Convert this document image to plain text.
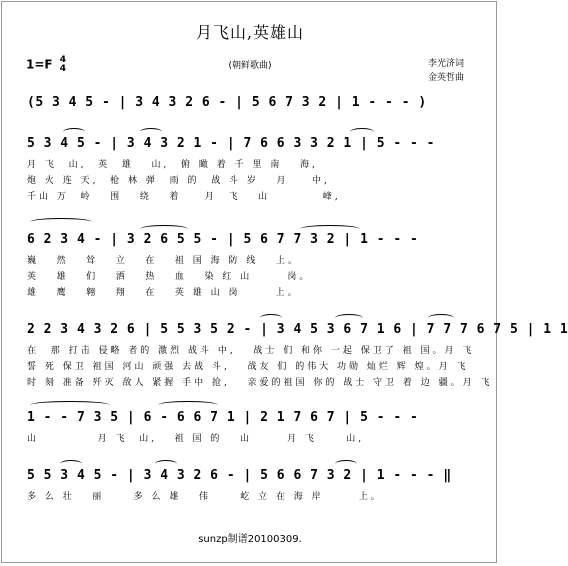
月飞山,英雄山
1=F 4
4	(朝鲜歌曲)	李光济词
金英哲曲
(5 3 4 5 - | 3 4 3 2 6 - | 5 6 7 3 2 | 1 - - - )
5 3 4 5 - | 3 4 3 2 1 - | 7 6 6 3 3 2 1 | 5 - - -
月 飞  山,  英  雄   山,  俯 瞰 着 千 里 南   海,
炮 火 连 天,  枪 林 弹  雨 的  战 斗 岁   月    中,
千山 万  岭   围   绕   着    月  飞   山         峰,
6 2 3 4 - | 3 2 6 5 5 - | 5 6 7 7 3 2 | 1 - - -
巍   然   耸   立   在   祖 国 海 防 线   上。
英   雄   们   洒   热   血   染 红 山      岗。
雄   鹰   翱   翔   在   英 雄 山 岗      上。
2 2 3 4 3 2 6 | 5 5 3 5 2 - | 3 4 5 3 6 7 1 6 | 7 7 7 6 7 5 | 1 1
在  那 打击 侵略 者的 激烈 战斗 中,   战士 们 和你 一起 保卫了 祖 国。月 飞
誓 死 保卫 祖国 河山 顽强 去战 斗,   战友 们 的伟大 功勋 灿烂 辉 煌。月 飞
时 刻 准备 歼灭 敌人 紧握 手中 抢,   亲爱的祖国 你的 战士 守卫 着 边 疆。月 飞
1 - - 7 3 5 | 6 - 6 6 7 1 | 2 1 7 6 7 | 5 - - -
山          月 飞  山,   祖 国 的   山      月 飞     山,
5 5 3 4 5 - | 3 4 3 2 6 - | 5 6 6 7 3 2 | 1 - - - ‖
多 么 壮   丽     多 么 雄   伟     屹 立 在 海 岸      上。
sunzp制谱20100309.
